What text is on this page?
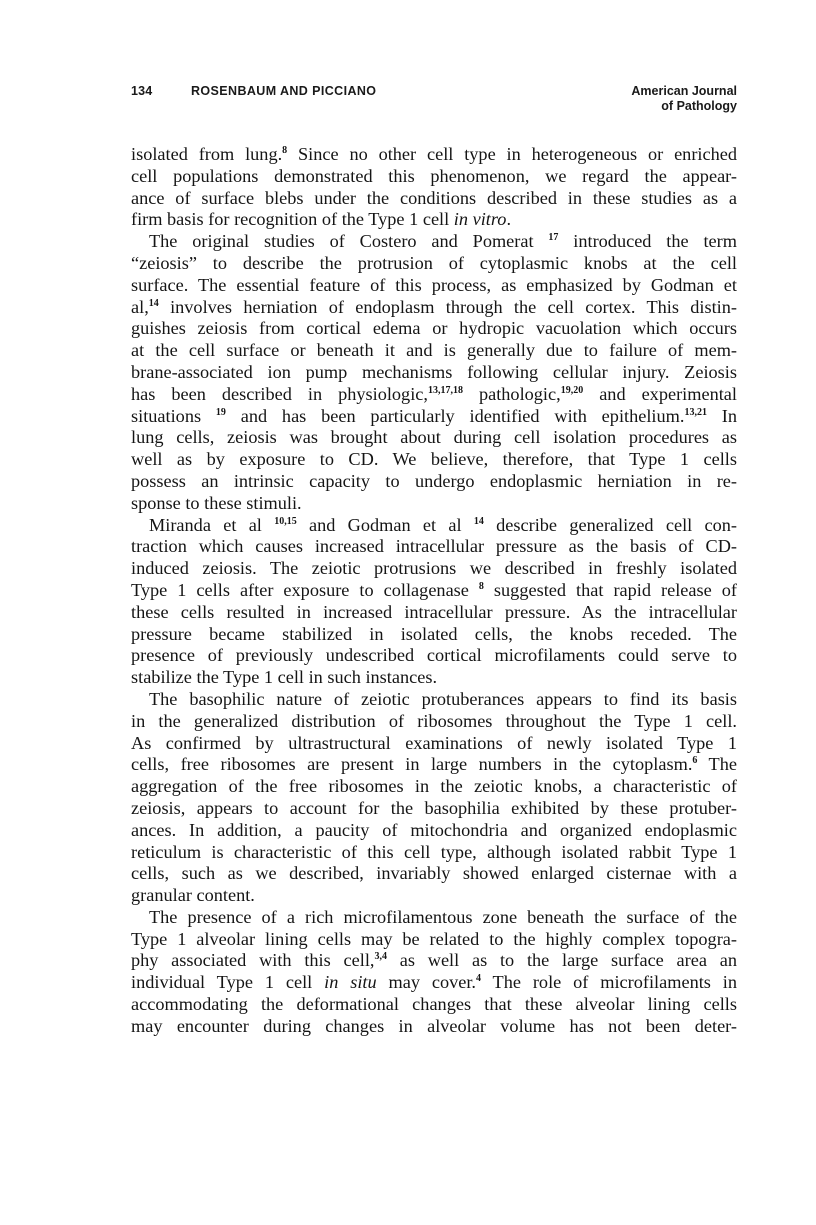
134	ROSENBAUM AND PICCIANO	American Journal
of Pathology
isolated from lung.$^8$ Since no other cell type in heterogeneous or enriched
cell populations demonstrated this phenomenon, we regard the appear-
ance of surface blebs under the conditions described in these studies as a
firm basis for recognition of the Type 1 cell in vitro.
The original studies of Costero and Pomerat $^{17}$ introduced the term
“zeiosis” to describe the protrusion of cytoplasmic knobs at the cell
surface. The essential feature of this process, as emphasized by Godman et
al,$^{14}$ involves herniation of endoplasm through the cell cortex. This distin-
guishes zeiosis from cortical edema or hydropic vacuolation which occurs
at the cell surface or beneath it and is generally due to failure of mem-
brane-associated ion pump mechanisms following cellular injury. Zeiosis
has been described in physiologic,$^{13,17,18}$ pathologic,$^{19,20}$ and experimental
situations $^{19}$ and has been particularly identified with epithelium.$^{13,21}$ In
lung cells, zeiosis was brought about during cell isolation procedures as
well as by exposure to CD. We believe, therefore, that Type 1 cells
possess an intrinsic capacity to undergo endoplasmic herniation in re-
sponse to these stimuli.
Miranda et al $^{10,15}$ and Godman et al $^{14}$ describe generalized cell con-
traction which causes increased intracellular pressure as the basis of CD-
induced zeiosis. The zeiotic protrusions we described in freshly isolated
Type 1 cells after exposure to collagenase $^8$ suggested that rapid release of
these cells resulted in increased intracellular pressure. As the intracellular
pressure became stabilized in isolated cells, the knobs receded. The
presence of previously undescribed cortical microfilaments could serve to
stabilize the Type 1 cell in such instances.
The basophilic nature of zeiotic protuberances appears to find its basis
in the generalized distribution of ribosomes throughout the Type 1 cell.
As confirmed by ultrastructural examinations of newly isolated Type 1
cells, free ribosomes are present in large numbers in the cytoplasm.$^6$ The
aggregation of the free ribosomes in the zeiotic knobs, a characteristic of
zeiosis, appears to account for the basophilia exhibited by these protuber-
ances. In addition, a paucity of mitochondria and organized endoplasmic
reticulum is characteristic of this cell type, although isolated rabbit Type 1
cells, such as we described, invariably showed enlarged cisternae with a
granular content.
The presence of a rich microfilamentous zone beneath the surface of the
Type 1 alveolar lining cells may be related to the highly complex topogra-
phy associated with this cell,$^{3,4}$ as well as to the large surface area an
individual Type 1 cell in situ may cover.$^4$ The role of microfilaments in
accommodating the deformational changes that these alveolar lining cells
may encounter during changes in alveolar volume has not been deter-
